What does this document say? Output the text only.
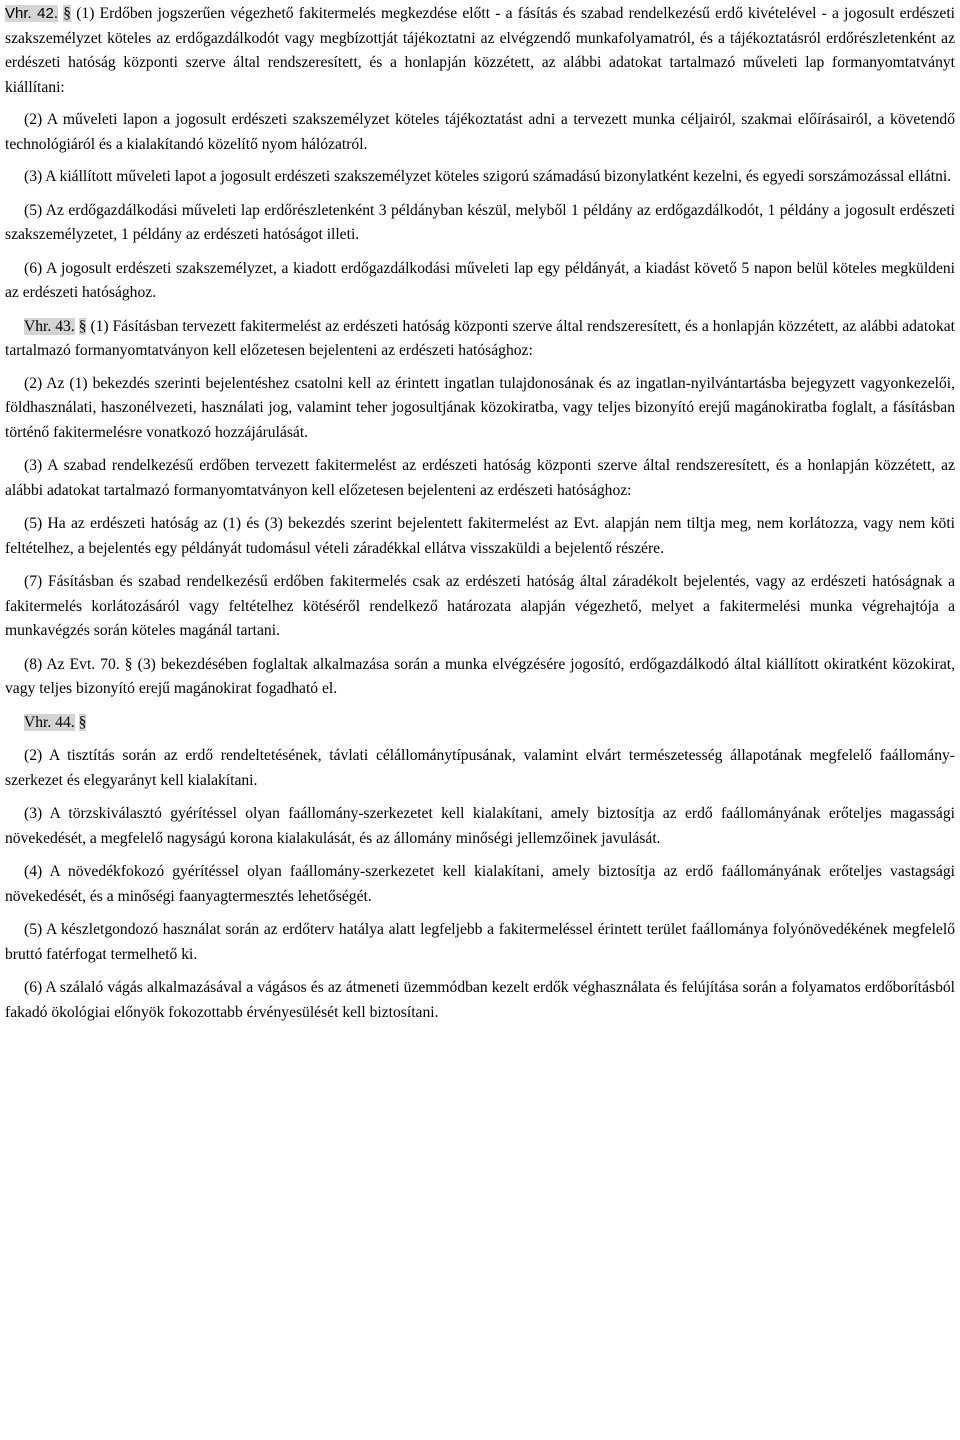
Vhr. 42. § (1) Erdőben jogszerűen végezhető fakitermelés megkezdése előtt - a fásítás és szabad rendelkezésű erdő kivételével - a jogosult erdészeti szakszemélyzet köteles az erdőgazdálkodót vagy megbízottját tájékoztatni az elvégzendő munkafolyamatról, és a tájékoztatásról erdőrészletenként az erdészeti hatóság központi szerve által rendszeresített, és a honlapján közzétett, az alábbi adatokat tartalmazó műveleti lap formanyomtatványt kiállítani:

(2) A műveleti lapon a jogosult erdészeti szakszemélyzet köteles tájékoztatást adni a tervezett munka céljairól, szakmai előírásairól, a követendő technológiáról és a kialakítandó közelítő nyom hálózatról.

(3) A kiállított műveleti lapot a jogosult erdészeti szakszemélyzet köteles szigorú számadású bizonylatként kezelni, és egyedi sorszámozással ellátni.

(5) Az erdőgazdálkodási műveleti lap erdőrészletenként 3 példányban készül, melyből 1 példány az erdőgazdálkodót, 1 példány a jogosult erdészeti szakszemélyzetet, 1 példány az erdészeti hatóságot illeti.

(6) A jogosult erdészeti szakszemélyzet, a kiadott erdőgazdálkodási műveleti lap egy példányát, a kiadást követő 5 napon belül köteles megküldeni az erdészeti hatósághoz.

Vhr. 43. § (1) Fásításban tervezett fakitermelést az erdészeti hatóság központi szerve által rendszeresített, és a honlapján közzétett, az alábbi adatokat tartalmazó formanyomtatványon kell előzetesen bejelenteni az erdészeti hatósághoz:

(2) Az (1) bekezdés szerinti bejelentéshez csatolni kell az érintett ingatlan tulajdonosának és az ingatlan-nyilvántartásba bejegyzett vagyonkezelői, földhasználati, haszonélvezeti, használati jog, valamint teher jogosultjának közokiratba, vagy teljes bizonyító erejű magánokiratba foglalt, a fásításban történő fakitermelésre vonatkozó hozzájárulását.

(3) A szabad rendelkezésű erdőben tervezett fakitermelést az erdészeti hatóság központi szerve által rendszeresített, és a honlapján közzétett, az alábbi adatokat tartalmazó formanyomtatványon kell előzetesen bejelenteni az erdészeti hatósághoz:

(5) Ha az erdészeti hatóság az (1) és (3) bekezdés szerint bejelentett fakitermelést az Evt. alapján nem tiltja meg, nem korlátozza, vagy nem köti feltételhez, a bejelentés egy példányát tudomásul vételi záradékkal ellátva visszaküldi a bejelentő részére.

(7) Fásításban és szabad rendelkezésű erdőben fakitermelés csak az erdészeti hatóság által záradékolt bejelentés, vagy az erdészeti hatóságnak a fakitermelés korlátozásáról vagy feltételhez kötéséről rendelkező határozata alapján végezhető, melyet a fakitermelési munka végrehajtója a munkavégzés során köteles magánál tartani.

(8) Az Evt. 70. § (3) bekezdésében foglaltak alkalmazása során a munka elvégzésére jogosító, erdőgazdálkodó által kiállított okiratként közokirat, vagy teljes bizonyító erejű magánokirat fogadható el.

Vhr. 44. §

(2) A tisztítás során az erdő rendeltetésének, távlati célállománytípusának, valamint elvárt természetesség állapotának megfelelő faállomány-szerkezet és elegyarányt kell kialakítani.

(3) A törzskiválasztó gyérítéssel olyan faállomány-szerkezetet kell kialakítani, amely biztosítja az erdő faállományának erőteljes magassági növekedését, a megfelelő nagyságú korona kialakulását, és az állomány minőségi jellemzőinek javulását.

(4) A növedékfokozó gyérítéssel olyan faállomány-szerkezetet kell kialakítani, amely biztosítja az erdő faállományának erőteljes vastagsági növekedését, és a minőségi faanyagtermesztés lehetőségét.

(5) A készletgondozó használat során az erdőterv hatálya alatt legfeljebb a fakitermeléssel érintett terület faállománya folyónövedékének megfelelő bruttó fatérfogat termelhető ki.

(6) A szálaló vágás alkalmazásával a vágásos és az átmeneti üzemmódban kezelt erdők véghasználata és felújítása során a folyamatos erdőborításból fakadó ökológiai előnyök fokozottabb érvényesülését kell biztosítani.
